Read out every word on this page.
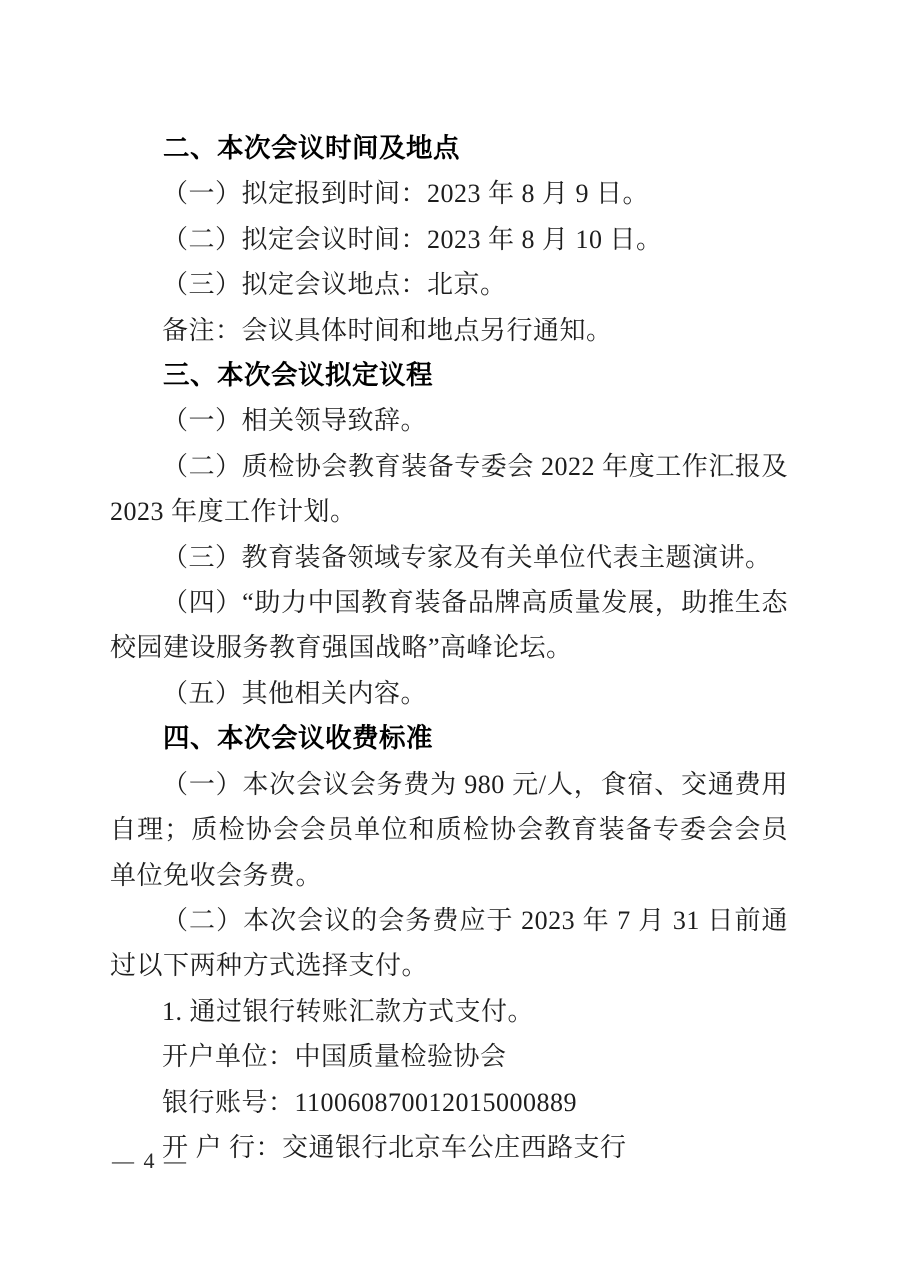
二、本次会议时间及地点

（一）拟定报到时间：2023 年 8 月 9 日。

（二）拟定会议时间：2023 年 8 月 10 日。

（三）拟定会议地点：北京。

备注：会议具体时间和地点另行通知。

三、本次会议拟定议程

（一）相关领导致辞。

（二）质检协会教育装备专委会 2022 年度工作汇报及 2023 年度工作计划。

（三）教育装备领域专家及有关单位代表主题演讲。

（四）“助力中国教育装备品牌高质量发展，助推生态校园建设服务教育强国战略”高峰论坛。

（五）其他相关内容。

四、本次会议收费标准

（一）本次会议会务费为 980 元/人，食宿、交通费用自理；质检协会会员单位和质检协会教育装备专委会会员单位免收会务费。

（二）本次会议的会务费应于 2023 年 7 月 31 日前通过以下两种方式选择支付。

1. 通过银行转账汇款方式支付。

开户单位：中国质量检验协会

银行账号：110060870012015000889

开 户 行：交通银行北京车公庄西路支行

— 4 —
